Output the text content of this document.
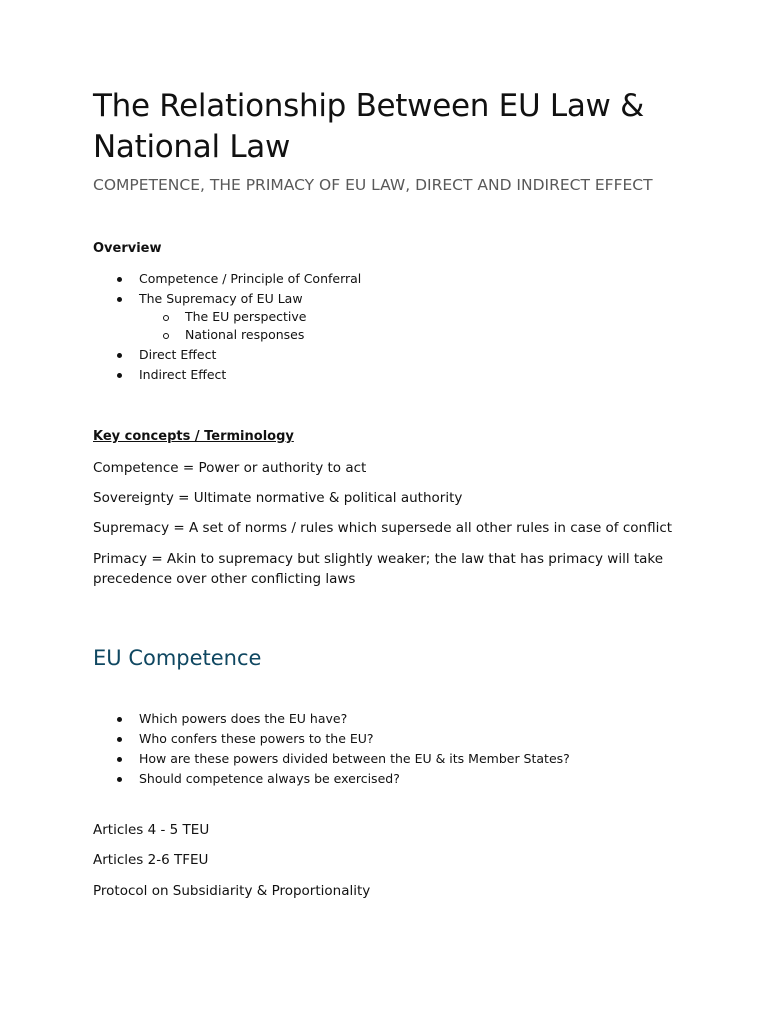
The Relationship Between EU Law & National Law
COMPETENCE, THE PRIMACY OF EU LAW, DIRECT AND INDIRECT EFFECT
Overview
Competence / Principle of Conferral
The Supremacy of EU Law
The EU perspective
National responses
Direct Effect
Indirect Effect
Key concepts / Terminology
Competence = Power or authority to act
Sovereignty = Ultimate normative & political authority
Supremacy = A set of norms / rules which supersede all other rules in case of conflict
Primacy = Akin to supremacy but slightly weaker; the law that has primacy will take precedence over other conflicting laws
EU Competence
Which powers does the EU have?
Who confers these powers to the EU?
How are these powers divided between the EU & its Member States?
Should competence always be exercised?
Articles 4 - 5 TEU
Articles 2-6 TFEU
Protocol on Subsidiarity & Proportionality
